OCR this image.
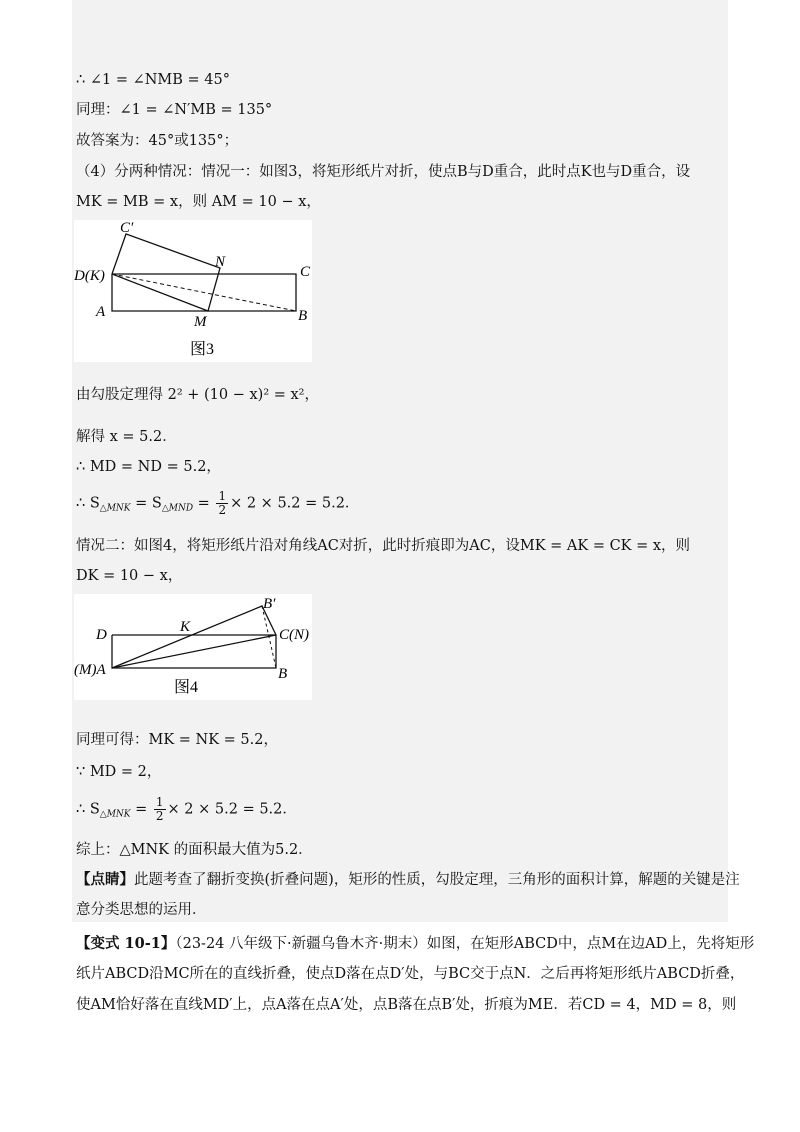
∴ ∠1 = ∠NMB = 45°
同理：∠1 = ∠N′MB = 135°
故答案为：45°或135°；
（4）分两种情况：情况一：如图3，将矩形纸片对折，使点B与D重合，此时点K也与D重合，设
MK = MB = x，则 AM = 10 − x，
C′
N
C
D(K)
A
M	B
图3
由勾股定理得 2² + (10 − x)² = x²，
解得 x = 5.2．
∴ MD = ND = 5.2，
∴ $S_{\triangle MNK} = S_{\triangle MND} = \frac{1}{2} \times 2 \times 5.2 = 5.2$．
情况二：如图4，将矩形纸片沿对角线AC对折，此时折痕即为AC，设MK = AK = CK = x，则
DK = 10 − x，
B′
D	K	C(N)
(M)A	B
图4
同理可得：MK = NK = 5.2，
∵ MD = 2，
∴ $S_{\triangle MNK} = \frac{1}{2} \times 2 \times 5.2 = 5.2$．
综上：△MNK 的面积最大值为5.2．
【点睛】此题考查了翻折变换(折叠问题)，矩形的性质，勾股定理，三角形的面积计算，解题的关键是注
意分类思想的运用．
【变式 10-1】（23-24 八年级下·新疆乌鲁木齐·期末）如图，在矩形ABCD中，点M在边AD上，先将矩形
纸片ABCD沿MC所在的直线折叠，使点D落在点D′处，与BC交于点N．之后再将矩形纸片ABCD折叠，
使AM恰好落在直线MD′上，点A落在点A′处，点B落在点B′处，折痕为ME．若CD = 4，MD = 8，则
